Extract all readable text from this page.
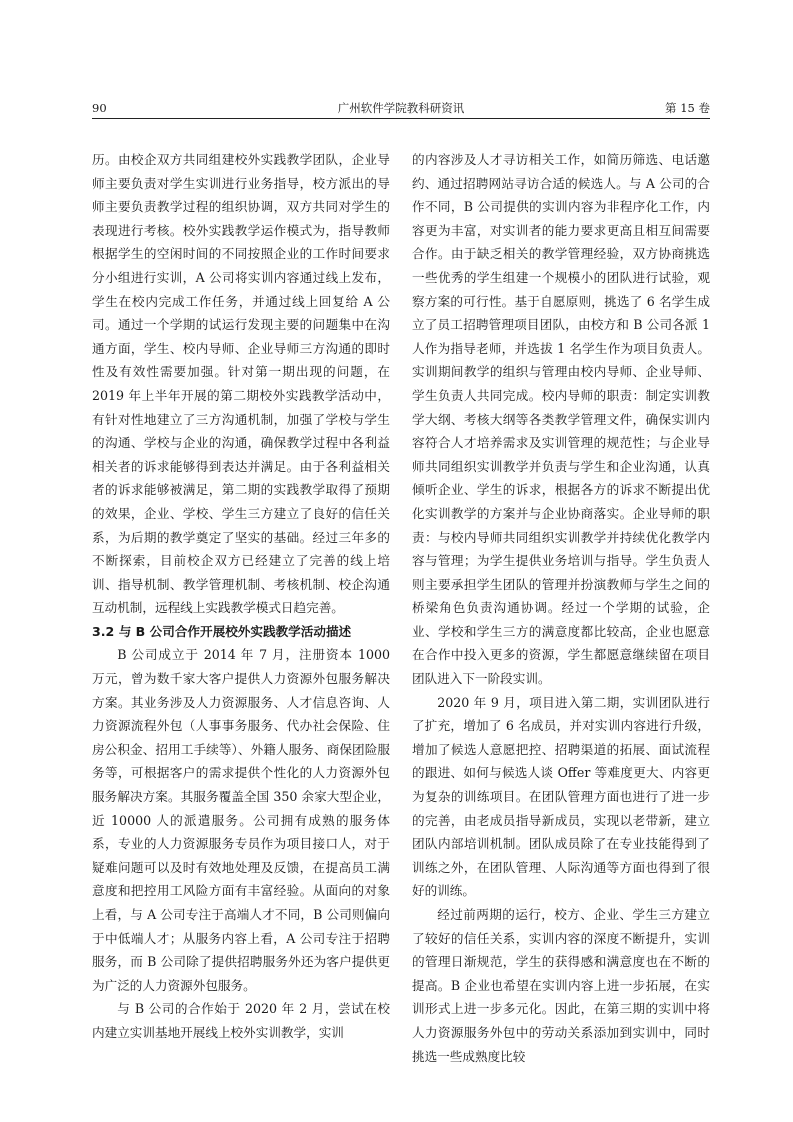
90	广州软件学院教科研资讯	第 15 卷

历。由校企双方共同组建校外实践教学团队，企业导师主要负责对学生实训进行业务指导，校方派出的导师主要负责教学过程的组织协调，双方共同对学生的表现进行考核。校外实践教学运作模式为，指导教师根据学生的空闲时间的不同按照企业的工作时间要求分小组进行实训，A 公司将实训内容通过线上发布，学生在校内完成工作任务，并通过线上回复给 A 公司。通过一个学期的试运行发现主要的问题集中在沟通方面，学生、校内导师、企业导师三方沟通的即时性及有效性需要加强。针对第一期出现的问题，在 2019 年上半年开展的第二期校外实践教学活动中，有针对性地建立了三方沟通机制，加强了学校与学生的沟通、学校与企业的沟通，确保教学过程中各利益相关者的诉求能够得到表达并满足。由于各利益相关者的诉求能够被满足，第二期的实践教学取得了预期的效果，企业、学校、学生三方建立了良好的信任关系，为后期的教学奠定了坚实的基础。经过三年多的不断探索，目前校企双方已经建立了完善的线上培训、指导机制、教学管理机制、考核机制、校企沟通互动机制，远程线上实践教学模式日趋完善。

3.2 与 B 公司合作开展校外实践教学活动描述

B 公司成立于 2014 年 7 月，注册资本 1000 万元，曾为数千家大客户提供人力资源外包服务解决方案。其业务涉及人力资源服务、人才信息咨询、人力资源流程外包（人事事务服务、代办社会保险、住房公积金、招用工手续等）、外籍人服务、商保团险服务等，可根据客户的需求提供个性化的人力资源外包服务解决方案。其服务覆盖全国 350 余家大型企业，近 10000 人的派遣服务。公司拥有成熟的服务体系，专业的人力资源服务专员作为项目接口人，对于疑难问题可以及时有效地处理及反馈，在提高员工满意度和把控用工风险方面有丰富经验。从面向的对象上看，与 A 公司专注于高端人才不同，B 公司则偏向于中低端人才；从服务内容上看，A 公司专注于招聘服务，而 B 公司除了提供招聘服务外还为客户提供更为广泛的人力资源外包服务。

与 B 公司的合作始于 2020 年 2 月，尝试在校内建立实训基地开展线上校外实训教学，实训

的内容涉及人才寻访相关工作，如简历筛选、电话邀约、通过招聘网站寻访合适的候选人。与 A 公司的合作不同，B 公司提供的实训内容为非程序化工作，内容更为丰富，对实训者的能力要求更高且相互间需要合作。由于缺乏相关的教学管理经验，双方协商挑选一些优秀的学生组建一个规模小的团队进行试验，观察方案的可行性。基于自愿原则，挑选了 6 名学生成立了员工招聘管理项目团队，由校方和 B 公司各派 1 人作为指导老师，并选拔 1 名学生作为项目负责人。实训期间教学的组织与管理由校内导师、企业导师、学生负责人共同完成。校内导师的职责：制定实训教学大纲、考核大纲等各类教学管理文件，确保实训内容符合人才培养需求及实训管理的规范性；与企业导师共同组织实训教学并负责与学生和企业沟通，认真倾听企业、学生的诉求，根据各方的诉求不断提出优化实训教学的方案并与企业协商落实。企业导师的职责：与校内导师共同组织实训教学并持续优化教学内容与管理；为学生提供业务培训与指导。学生负责人则主要承担学生团队的管理并扮演教师与学生之间的桥梁角色负责沟通协调。经过一个学期的试验，企业、学校和学生三方的满意度都比较高，企业也愿意在合作中投入更多的资源，学生都愿意继续留在项目团队进入下一阶段实训。

2020 年 9 月，项目进入第二期，实训团队进行了扩充，增加了 6 名成员，并对实训内容进行升级，增加了候选人意愿把控、招聘渠道的拓展、面试流程的跟进、如何与候选人谈 Offer 等难度更大、内容更为复杂的训练项目。在团队管理方面也进行了进一步的完善，由老成员指导新成员，实现以老带新，建立团队内部培训机制。团队成员除了在专业技能得到了训练之外，在团队管理、人际沟通等方面也得到了很好的训练。

经过前两期的运行，校方、企业、学生三方建立了较好的信任关系，实训内容的深度不断提升，实训的管理日渐规范，学生的获得感和满意度也在不断的提高。B 企业也希望在实训内容上进一步拓展，在实训形式上进一步多元化。因此，在第三期的实训中将人力资源服务外包中的劳动关系添加到实训中，同时挑选一些成熟度比较
